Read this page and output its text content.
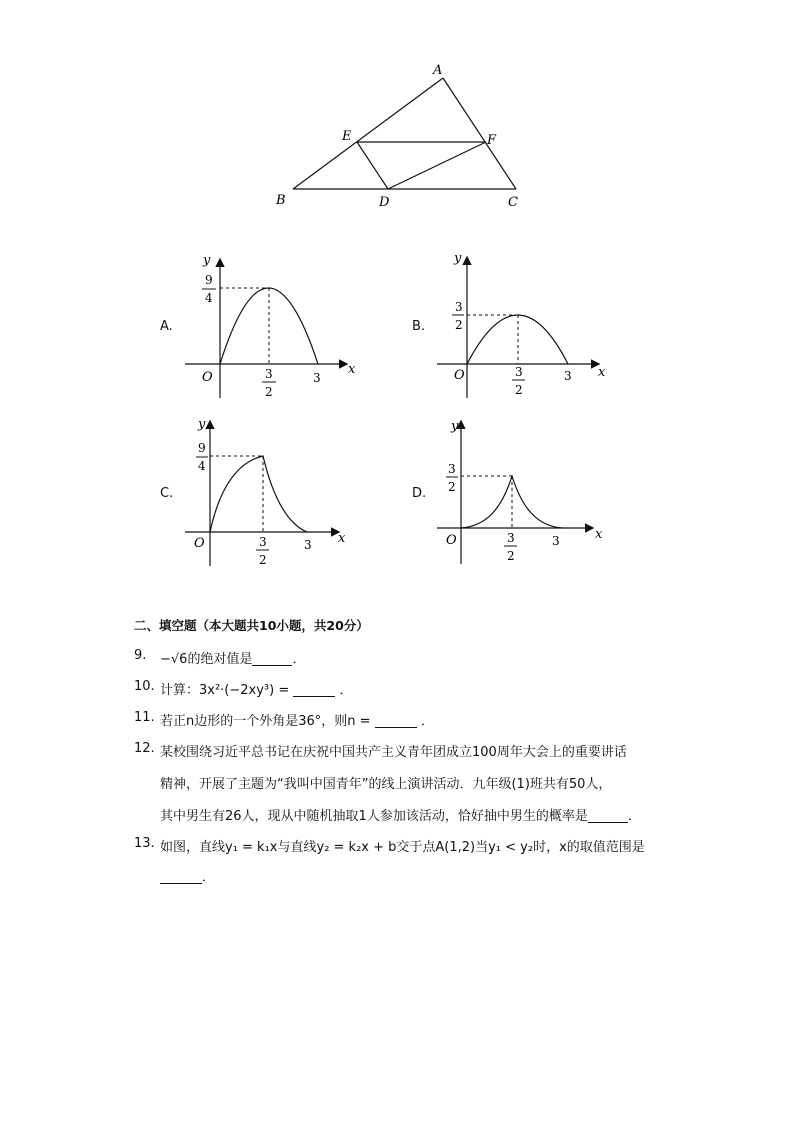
A
E	F
B	D	C
A.
y
x
O
9
4
3
2
3
B.
y
x
O
3
2
3
2
3
C.
y
x
O
9
4
3
2
3
D.
y
x
O
3
2
3
2
3
二、填空题（本大题共10小题，共20分）
9. −√6的绝对值是	．
10. 计算：3x²·(−2xy³) =	．
11. 若正n边形的一个外角是36°，则n =	．
12. 某校围绕习近平总书记在庆祝中国共产主义青年团成立100周年大会上的重要讲话
精神，开展了主题为“我叫中国青年”的线上演讲活动．九年级(1)班共有50人，
其中男生有26人，现从中随机抽取1人参加该活动，恰好抽中男生的概率是	．
13. 如图，直线y₁ = k₁x与直线y₂ = k₂x + b交于点A(1,2)当y₁ < y₂时，x的取值范围是
．
